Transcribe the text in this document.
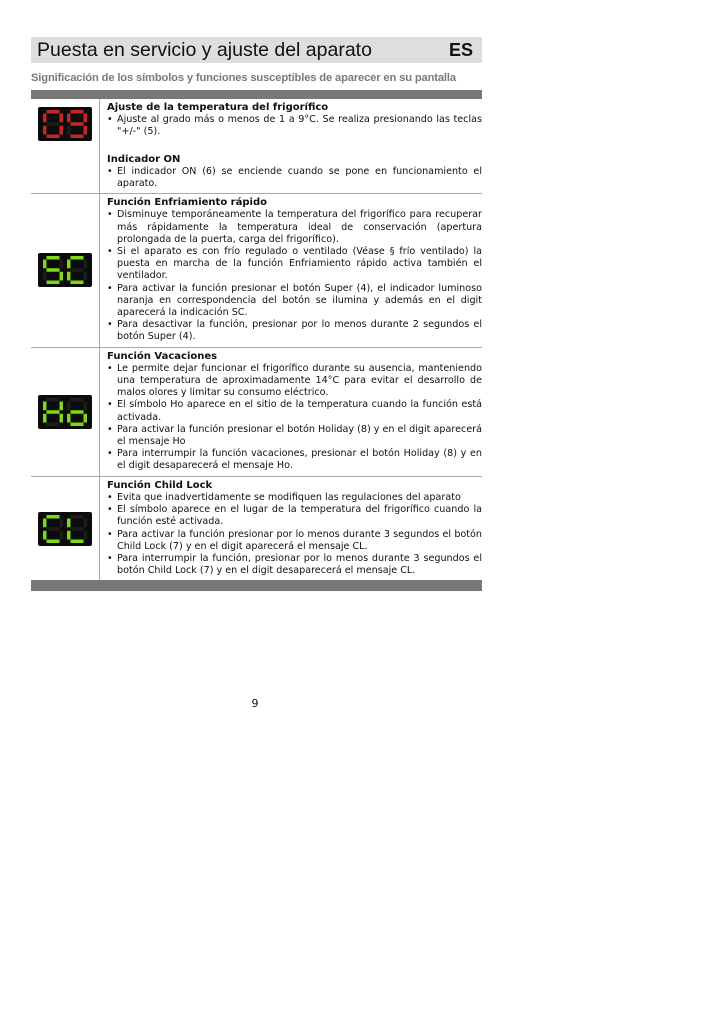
Puesta en servicio y ajuste del aparato	ES
Significación de los símbolos y funciones susceptibles de aparecer en su pantalla
Ajuste de la temperatura del frigorífico
• Ajuste al grado más o menos de 1 a 9°C. Se realiza presionando las teclas "+/-" (5).
Indicador ON
• El indicador ON (6) se enciende cuando se pone en funcionamiento el aparato.
Función Enfriamiento rápido
• Disminuye temporáneamente la temperatura del frigorífico para recuperar más rápidamente la temperatura ideal de conservación (apertura prolongada de la puerta, carga del frigorífico).
• Si el aparato es con frío regulado o ventilado (Véase § frío ventilado) la puesta en marcha de la función Enfriamiento rápido activa también el ventilador.
• Para activar la función presionar el botón Super (4), el indicador luminoso naranja en correspondencia del botón se ilumina y además en el digit aparecerá la indicación SC.
• Para desactivar la función, presionar por lo menos durante 2 segundos el botón Super (4).
Función Vacaciones
• Le permite dejar funcionar el frigorífico durante su ausencia, manteniendo una temperatura de aproximadamente 14°C para evitar el desarrollo de malos olores y limitar su consumo eléctrico.
• El símbolo Ho aparece en el sitio de la temperatura cuando la función está activada.
• Para activar la función presionar el botón Holiday (8) y en el digit aparecerá el mensaje Ho
• Para interrumpir la función vacaciones, presionar el botón Holiday (8) y en el digit desaparecerá el mensaje Ho.
Función Child Lock
• Evita que inadvertidamente se modifiquen las regulaciones del aparato
• El símbolo aparece en el lugar de la temperatura del frigorífico cuando la función esté activada.
• Para activar la función presionar por lo menos durante 3 segundos el botón Child Lock (7) y en el digit aparecerá el mensaje CL.
• Para interrumpir la función, presionar por lo menos durante 3 segundos el botón Child Lock (7) y en el digit desaparecerá el mensaje CL.
9
